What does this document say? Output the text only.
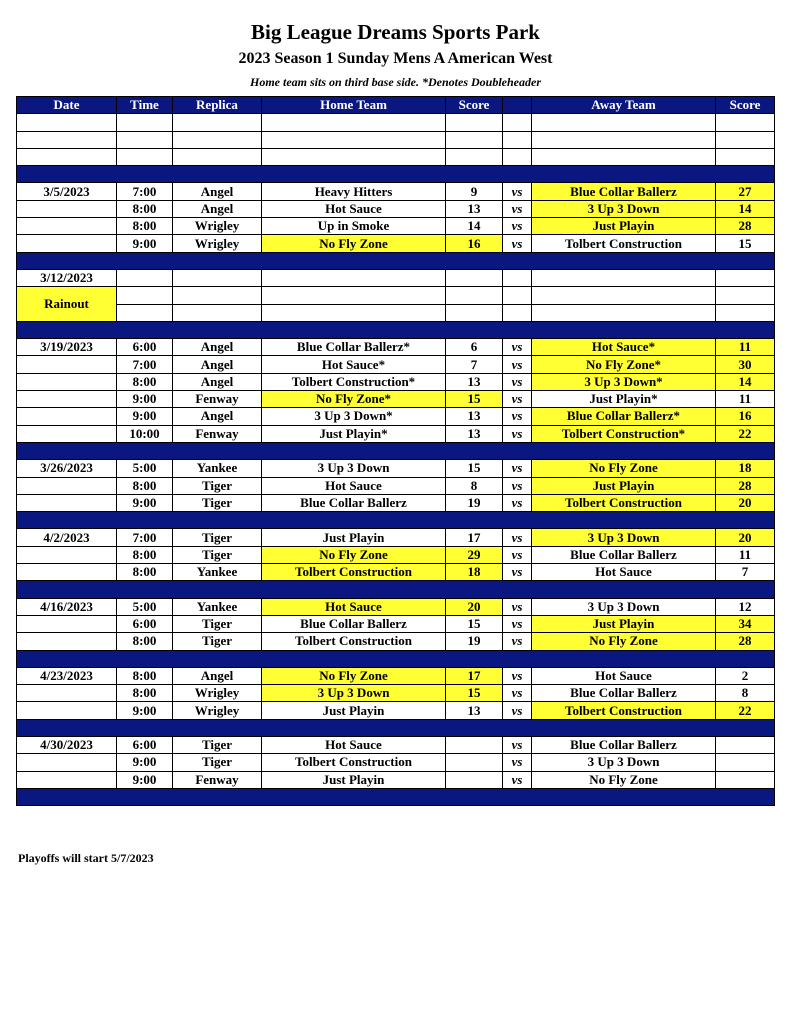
Big League Dreams Sports Park
2023 Season 1 Sunday Mens A American West
Home team sits on third base side. *Denotes Doubleheader
Date	Time	Replica	Home Team	Score		Away Team	Score

3/5/2023	7:00	Angel	Heavy Hitters	9	vs	Blue Collar Ballerz	27
	8:00	Angel	Hot Sauce	13	vs	3 Up 3 Down	14
	8:00	Wrigley	Up in Smoke	14	vs	Just Playin	28
	9:00	Wrigley	No Fly Zone	16	vs	Tolbert Construction	15

3/12/2023							
Rainout							

3/19/2023	6:00	Angel	Blue Collar Ballerz*	6	vs	Hot Sauce*	11
	7:00	Angel	Hot Sauce*	7	vs	No Fly Zone*	30
	8:00	Angel	Tolbert Construction*	13	vs	3 Up 3 Down*	14
	9:00	Fenway	No Fly Zone*	15	vs	Just Playin*	11
	9:00	Angel	3 Up 3 Down*	13	vs	Blue Collar Ballerz*	16
	10:00	Fenway	Just Playin*	13	vs	Tolbert Construction*	22

3/26/2023	5:00	Yankee	3 Up 3 Down	15	vs	No Fly Zone	18
	8:00	Tiger	Hot Sauce	8	vs	Just Playin	28
	9:00	Tiger	Blue Collar Ballerz	19	vs	Tolbert Construction	20

4/2/2023	7:00	Tiger	Just Playin	17	vs	3 Up 3 Down	20
	8:00	Tiger	No Fly Zone	29	vs	Blue Collar Ballerz	11
	8:00	Yankee	Tolbert Construction	18	vs	Hot Sauce	7

4/16/2023	5:00	Yankee	Hot Sauce	20	vs	3 Up 3 Down	12
	6:00	Tiger	Blue Collar Ballerz	15	vs	Just Playin	34
	8:00	Tiger	Tolbert Construction	19	vs	No Fly Zone	28

4/23/2023	8:00	Angel	No Fly Zone	17	vs	Hot Sauce	2
	8:00	Wrigley	3 Up 3 Down	15	vs	Blue Collar Ballerz	8
	9:00	Wrigley	Just Playin	13	vs	Tolbert Construction	22

4/30/2023	6:00	Tiger	Hot Sauce		vs	Blue Collar Ballerz	
	9:00	Tiger	Tolbert Construction		vs	3 Up 3 Down	
	9:00	Fenway	Just Playin		vs	No Fly Zone	

Playoffs will start 5/7/2023
